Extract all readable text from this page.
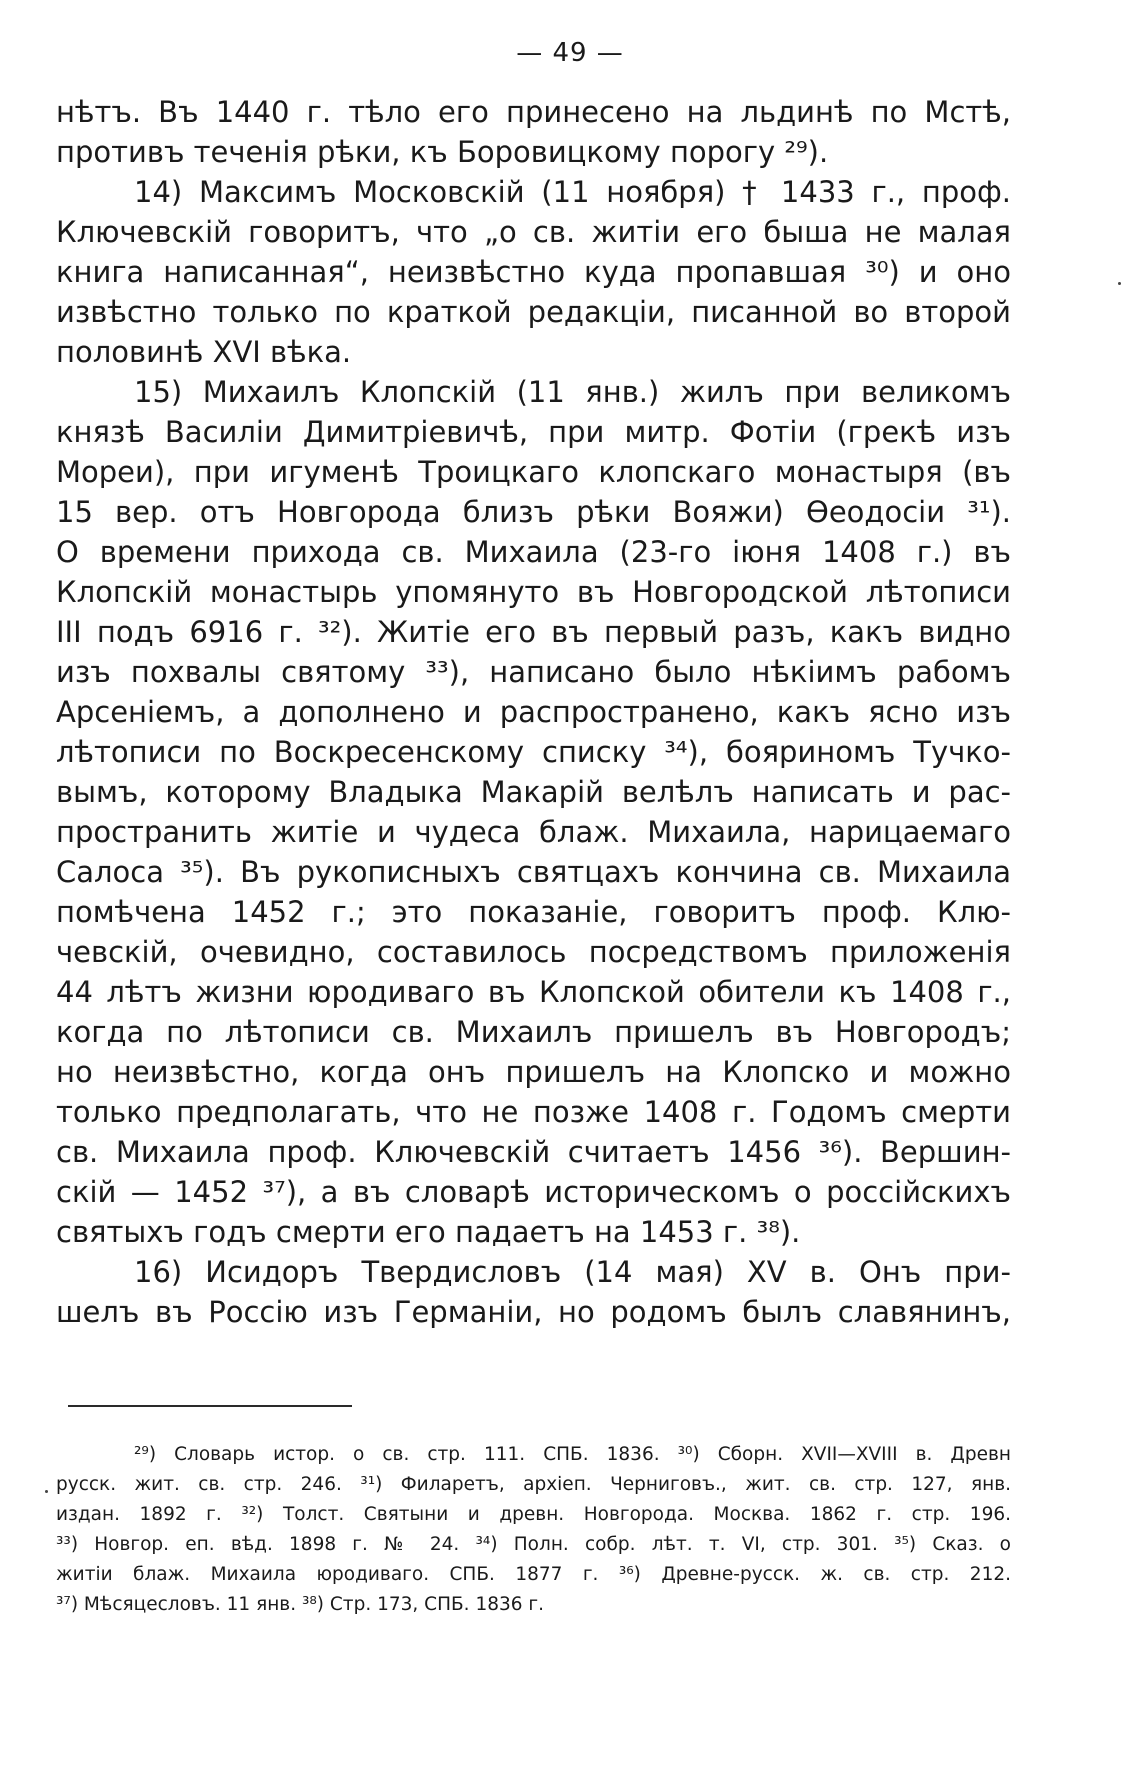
— 49 —
нѣтъ. Въ 1440 г. тѣло его принесено на льдинѣ по Мстѣ,
противъ теченія рѣки, къ Боровицкому порогу ²⁹).
14) Максимъ Московскій (11 ноября) † 1433 г., проф.
Ключевскій говоритъ, что „о св. житіи его быша не малая
книга написанная“, неизвѣстно куда пропавшая ³⁰) и оно
извѣстно только по краткой редакціи, писанной во второй
половинѣ XVI вѣка.
15) Михаилъ Клопскій (11 янв.) жилъ при великомъ
князѣ Василіи Димитріевичѣ, при митр. Фотіи (грекѣ изъ
Мореи), при игуменѣ Троицкаго клопскаго монастыря (въ
15 вер. отъ Новгорода близъ рѣки Вояжи) Ѳеодосіи ³¹).
О времени прихода св. Михаила (23-го іюня 1408 г.) въ
Клопскій монастырь упомянуто въ Новгородской лѣтописи
III подъ 6916 г. ³²). Житіе его въ первый разъ, какъ видно
изъ похвалы святому ³³), написано было нѣкіимъ рабомъ
Арсеніемъ, а дополнено и распространено, какъ ясно изъ
лѣтописи по Воскресенскому списку ³⁴), бояриномъ Тучко-
вымъ, которому Владыка Макарій велѣлъ написать и рас-
пространить житіе и чудеса блаж. Михаила, нарицаемаго
Салоса ³⁵). Въ рукописныхъ святцахъ кончина св. Михаила
помѣчена 1452 г.; это показаніе, говоритъ проф. Клю-
чевскій, очевидно, составилось посредствомъ приложенія
44 лѣтъ жизни юродиваго въ Клопской обители къ 1408 г.,
когда по лѣтописи св. Михаилъ пришелъ въ Новгородъ;
но неизвѣстно, когда онъ пришелъ на Клопско и можно
только предполагать, что не позже 1408 г. Годомъ смерти
св. Михаила проф. Ключевскій считаетъ 1456 ³⁶). Вершин-
скій — 1452 ³⁷), а въ словарѣ историческомъ о россійскихъ
святыхъ годъ смерти его падаетъ на 1453 г. ³⁸).
16) Исидоръ Твердисловъ (14 мая) XV в. Онъ при-
шелъ въ Россію изъ Германіи, но родомъ былъ славянинъ,
²⁹) Словарь истор. о св. стр. 111. СПБ. 1836. ³⁰) Сборн. XVII—XVIII в. Древн
русск. жит. св. стр. 246. ³¹) Филаретъ, архіеп. Черниговъ., жит. св. стр. 127, янв.
издан. 1892 г. ³²) Толст. Святыни и древн. Новгорода. Москва. 1862 г. стр. 196.
³³) Новгор. еп. вѣд. 1898 г. № 24. ³⁴) Полн. собр. лѣт. т. VI, стр. 301. ³⁵) Сказ. о
житіи блаж. Михаила юродиваго. СПБ. 1877 г. ³⁶) Древне-русск. ж. св. стр. 212.
³⁷) Мѣсяцесловъ. 11 янв. ³⁸) Стр. 173, СПБ. 1836 г.
